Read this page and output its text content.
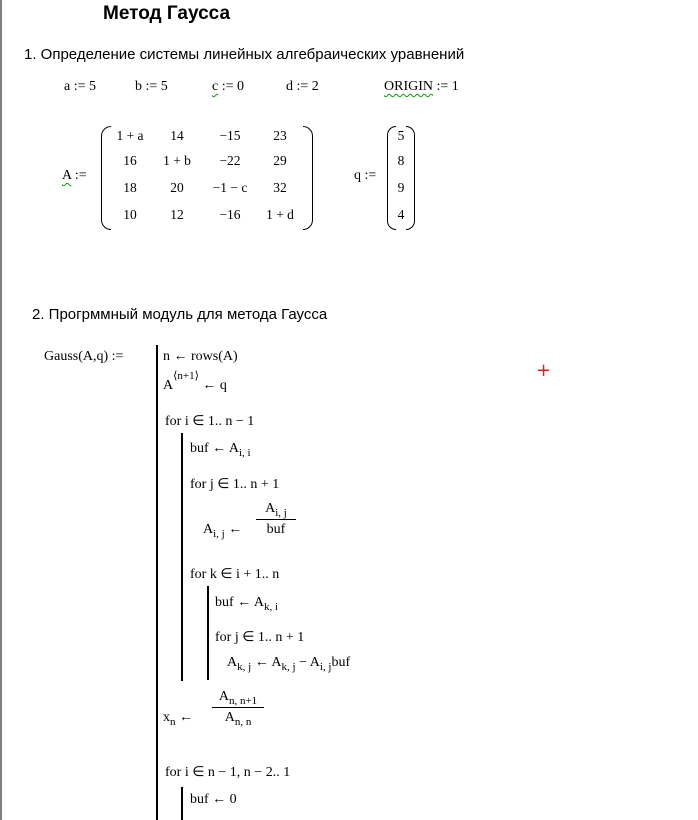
Метод Гаусса
1. Определение системы линейных алгебраических уравнений
a := 5	b := 5	c := 0	d := 2	ORIGIN := 1
A :=
1 + a	14	−15	23
16	1 + b	−22	29
18	20	−1 − c	32
10	12	−16	1 + d
q :=
5
8
9
4
2. Прогрммный модуль для метода Гаусса
Gauss(A,q) :=	n ← rows(A)
$A^{⟨n+1⟩}$ ← q
for i ∈ 1.. n − 1
buf ← $A_{i, i}$
for j ∈ 1.. n + 1
$A_{i, j}$ ←
$A_{i, j}$
buf
for k ∈ i + 1.. n
buf ← $A_{k, i}$
for j ∈ 1.. n + 1
$A_{k, j}$ ← $A_{k, j} - A_{i, j}buf$
$x_n$ ←
$A_{n, n+1}$
$A_{n, n}$
for i ∈ n − 1, n − 2.. 1
buf ← 0
+
